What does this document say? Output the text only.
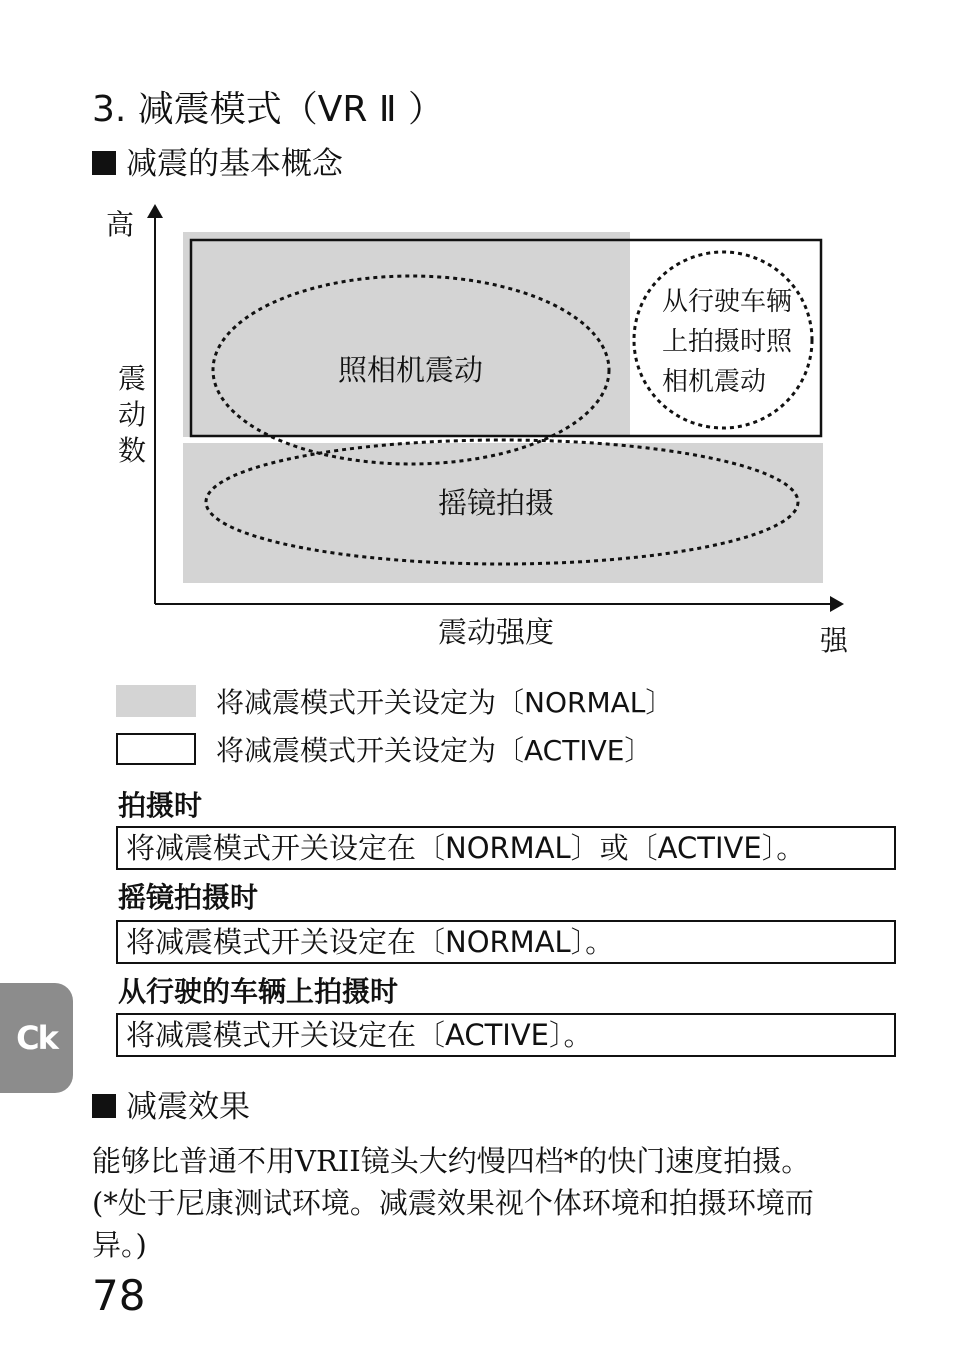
3. 减震模式（VR Ⅱ ）
减震的基本概念
高
震
动
数
震动强度	强
照相机震动
从行驶车辆
上拍摄时照
相机震动
摇镜拍摄
将减震模式开关设定为〔NORMAL〕
将减震模式开关设定为〔ACTIVE〕
拍摄时
将减震模式开关设定在〔NORMAL〕或〔ACTIVE〕。
摇镜拍摄时
将减震模式开关设定在〔NORMAL〕。
从行驶的车辆上拍摄时
将减震模式开关设定在〔ACTIVE〕。
Ck
减震效果

能够比普通不用VRII镜头大约慢四档*的快门速度拍摄。

(*处于尼康测试环境。减震效果视个体环境和拍摄环境而

异。)

78
